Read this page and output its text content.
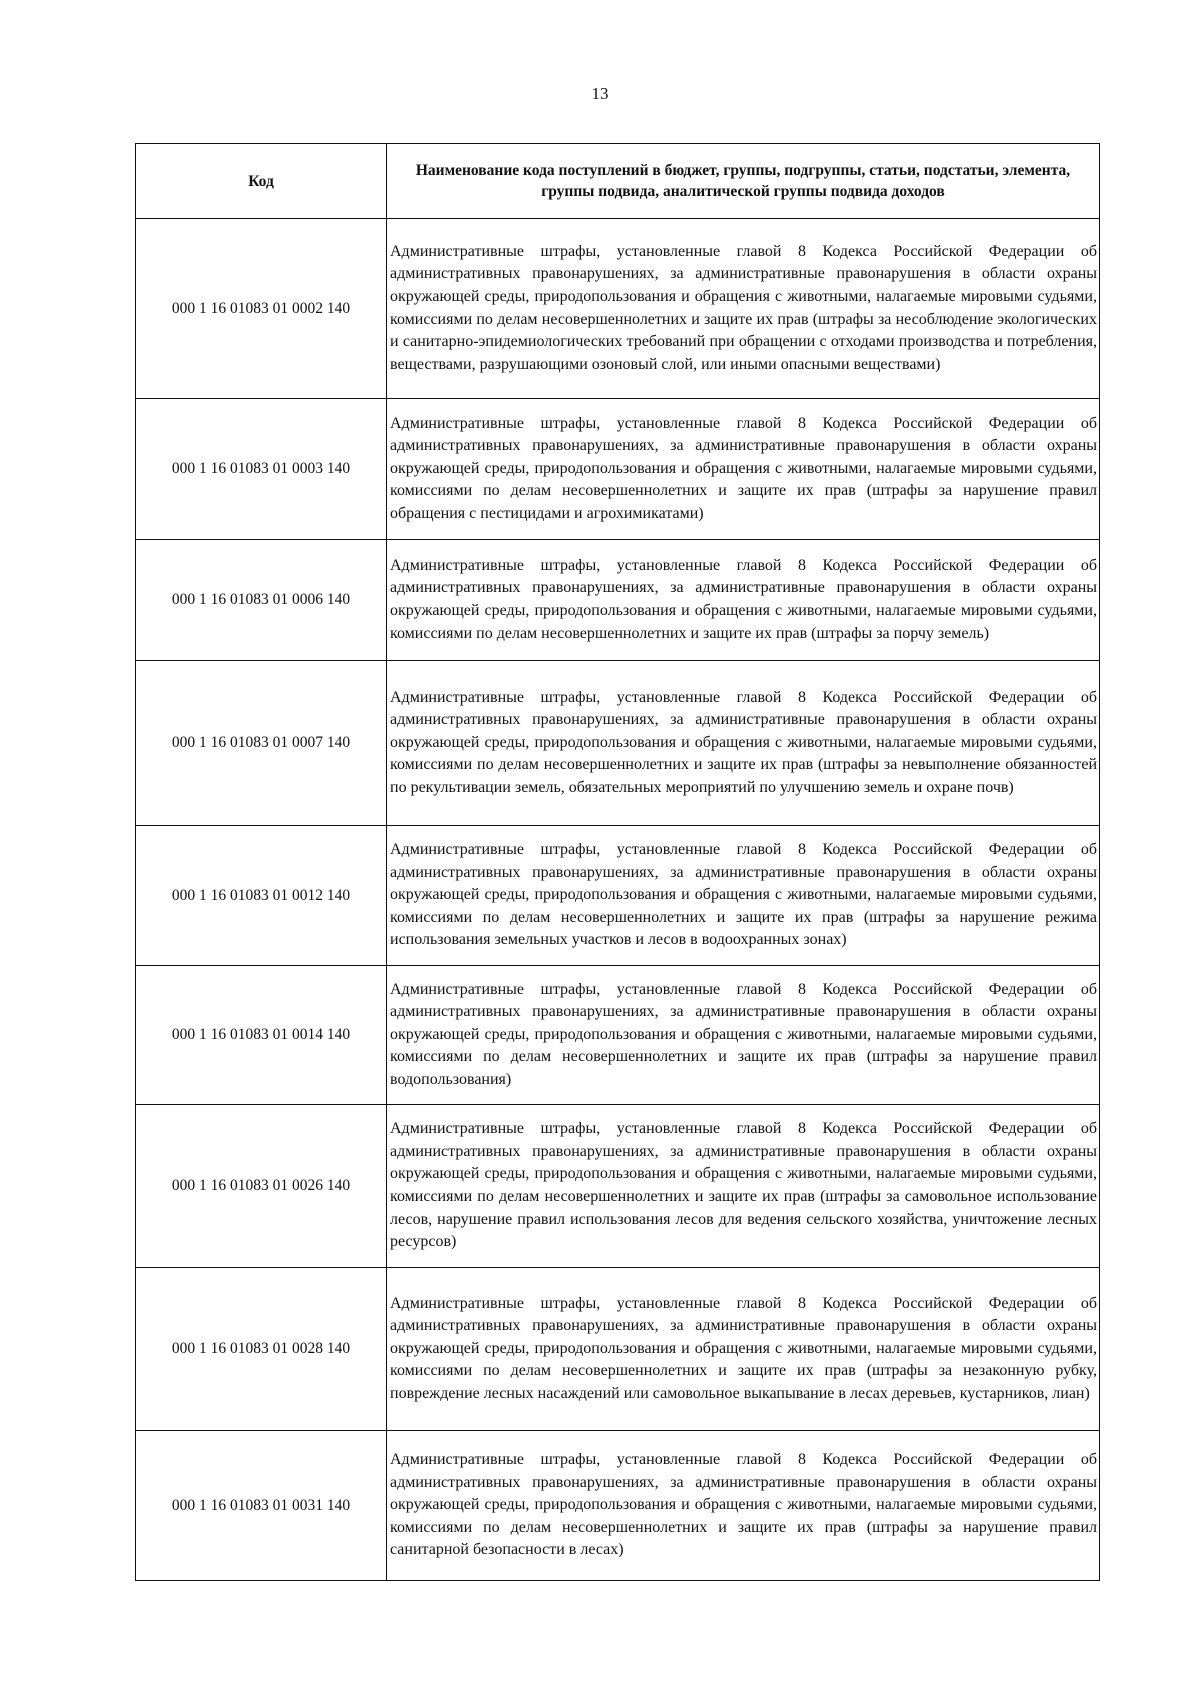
13
Код	Наименование кода поступлений в бюджет, группы, подгруппы, статьи, подстатьи, элемента, группы подвида, аналитической группы подвида доходов
000 1 16 01083 01 0002 140	Административные штрафы, установленные главой 8 Кодекса Российской Федерации об административных правонарушениях, за административные правонарушения в области охраны окружающей среды, природопользования и обращения с животными, налагаемые мировыми судьями, комиссиями по делам несовершеннолетних и защите их прав (штрафы за несоблюдение экологических и санитарно-эпидемиологических требований при обращении с отходами производства и потребления, веществами, разрушающими озоновый слой, или иными опасными веществами)
000 1 16 01083 01 0003 140	Административные штрафы, установленные главой 8 Кодекса Российской Федерации об административных правонарушениях, за административные правонарушения в области охраны окружающей среды, природопользования и обращения с животными, налагаемые мировыми судьями, комиссиями по делам несовершеннолетних и защите их прав (штрафы за нарушение правил обращения с пестицидами и агрохимикатами)
000 1 16 01083 01 0006 140	Административные штрафы, установленные главой 8 Кодекса Российской Федерации об административных правонарушениях, за административные правонарушения в области охраны окружающей среды, природопользования и обращения с животными, налагаемые мировыми судьями, комиссиями по делам несовершеннолетних и защите их прав (штрафы за порчу земель)
000 1 16 01083 01 0007 140	Административные штрафы, установленные главой 8 Кодекса Российской Федерации об административных правонарушениях, за административные правонарушения в области охраны окружающей среды, природопользования и обращения с животными, налагаемые мировыми судьями, комиссиями по делам несовершеннолетних и защите их прав (штрафы за невыполнение обязанностей по рекультивации земель, обязательных мероприятий по улучшению земель и охране почв)
000 1 16 01083 01 0012 140	Административные штрафы, установленные главой 8 Кодекса Российской Федерации об административных правонарушениях, за административные правонарушения в области охраны окружающей среды, природопользования и обращения с животными, налагаемые мировыми судьями, комиссиями по делам несовершеннолетних и защите их прав (штрафы за нарушение режима использования земельных участков и лесов в водоохранных зонах)
000 1 16 01083 01 0014 140	Административные штрафы, установленные главой 8 Кодекса Российской Федерации об административных правонарушениях, за административные правонарушения в области охраны окружающей среды, природопользования и обращения с животными, налагаемые мировыми судьями, комиссиями по делам несовершеннолетних и защите их прав (штрафы за нарушение правил водопользования)
000 1 16 01083 01 0026 140	Административные штрафы, установленные главой 8 Кодекса Российской Федерации об административных правонарушениях, за административные правонарушения в области охраны окружающей среды, природопользования и обращения с животными, налагаемые мировыми судьями, комиссиями по делам несовершеннолетних и защите их прав (штрафы за самовольное использование лесов, нарушение правил использования лесов для ведения сельского хозяйства, уничтожение лесных ресурсов)
000 1 16 01083 01 0028 140	Административные штрафы, установленные главой 8 Кодекса Российской Федерации об административных правонарушениях, за административные правонарушения в области охраны окружающей среды, природопользования и обращения с животными, налагаемые мировыми судьями, комиссиями по делам несовершеннолетних и защите их прав (штрафы за незаконную рубку, повреждение лесных насаждений или самовольное выкапывание в лесах деревьев, кустарников, лиан)
000 1 16 01083 01 0031 140	Административные штрафы, установленные главой 8 Кодекса Российской Федерации об административных правонарушениях, за административные правонарушения в области охраны окружающей среды, природопользования и обращения с животными, налагаемые мировыми судьями, комиссиями по делам несовершеннолетних и защите их прав (штрафы за нарушение правил санитарной безопасности в лесах)
